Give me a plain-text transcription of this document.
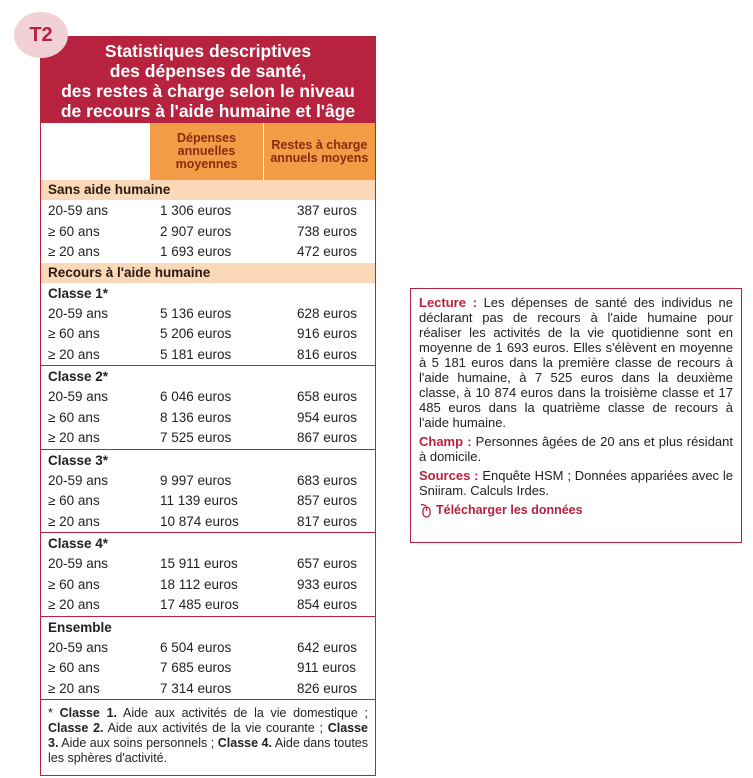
T2
Statistiques descriptives
des dépenses de santé,
des restes à charge selon le niveau
de recours à l'aide humaine et l'âge
Dépenses annuelles moyennes
Restes à charge annuels moyens
Sans aide humaine
20-59 ans	1 306 euros	387 euros
≥ 60 ans	2 907 euros	738 euros
≥ 20 ans	1 693 euros	472 euros
Recours à l'aide humaine
Classe 1*
20-59 ans	5 136 euros	628 euros
≥ 60 ans	5 206 euros	916 euros
≥ 20 ans	5 181 euros	816 euros
Classe 2*
20-59 ans	6 046 euros	658 euros
≥ 60 ans	8 136 euros	954 euros
≥ 20 ans	7 525 euros	867 euros
Classe 3*
20-59 ans	9 997 euros	683 euros
≥ 60 ans	11 139 euros	857 euros
≥ 20 ans	10 874 euros	817 euros
Classe 4*
20-59 ans	15 911 euros	657 euros
≥ 60 ans	18 112 euros	933 euros
≥ 20 ans	17 485 euros	854 euros
Ensemble
20-59 ans	6 504 euros	642 euros
≥ 60 ans	7 685 euros	911 euros
≥ 20 ans	7 314 euros	826 euros
* Classe 1. Aide aux activités de la vie domestique ; Classe 2. Aide aux activités de la vie courante ; Classe 3. Aide aux soins personnels ; Classe 4. Aide dans toutes les sphères d'activité.

Lecture : Les dépenses de santé des individus ne déclarant pas de recours à l'aide humaine pour réaliser les activités de la vie quotidienne sont en moyenne de 1 693 euros. Elles s'élèvent en moyenne à 5 181 euros dans la première classe de recours à l'aide humaine, à 7 525 euros dans la deuxième classe, à 10 874 euros dans la troisième classe et 17 485 euros dans la quatrième classe de recours à l'aide humaine.

Champ : Personnes âgées de 20 ans et plus résidant à domicile.

Sources : Enquête HSM ; Données appariées avec le Sniiram. Calculs Irdes.

Télécharger les données
